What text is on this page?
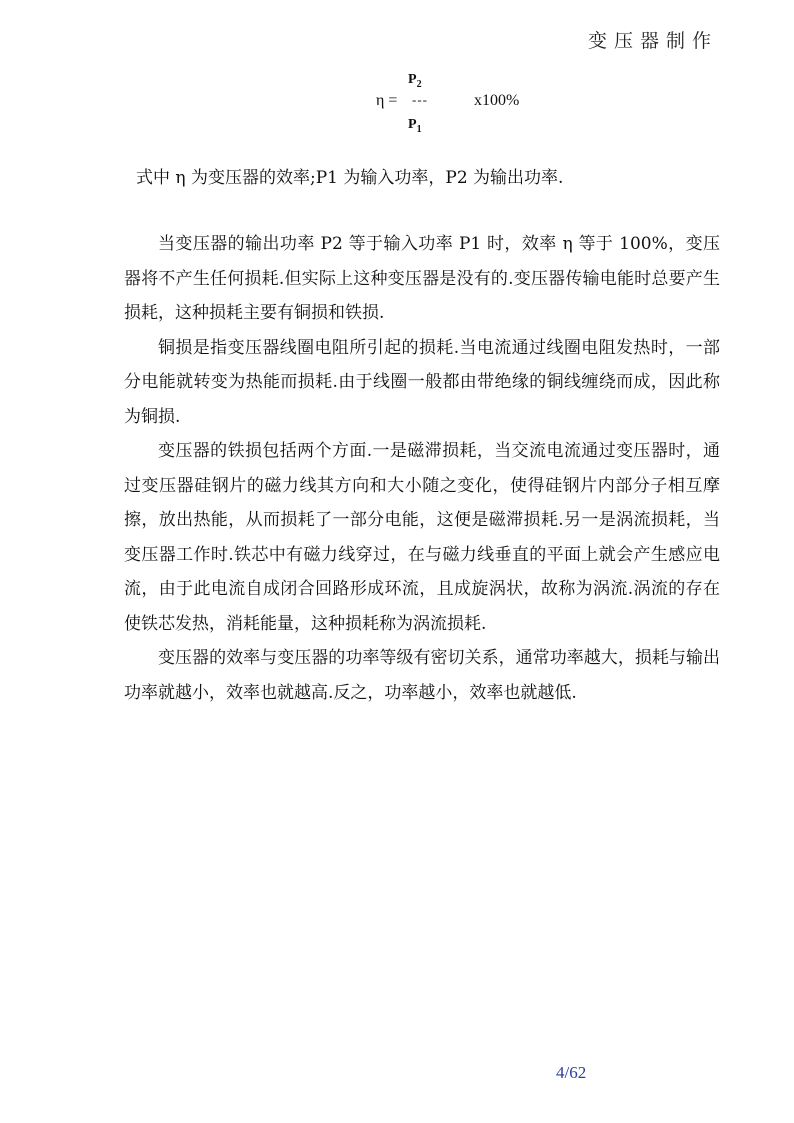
变压器制作
η =
$P_2$
---
$P_1$
x100%
式中 η 为变压器的效率;P1 为输入功率，P2 为输出功率.

当变压器的输出功率 P2 等于输入功率 P1 时，效率 η 等于 100%，变压器将不产生任何损耗.但实际上这种变压器是没有的.变压器传输电能时总要产生损耗，这种损耗主要有铜损和铁损.

铜损是指变压器线圈电阻所引起的损耗.当电流通过线圈电阻发热时，一部分电能就转变为热能而损耗.由于线圈一般都由带绝缘的铜线缠绕而成，因此称为铜损.

变压器的铁损包括两个方面.一是磁滞损耗，当交流电流通过变压器时，通过变压器硅钢片的磁力线其方向和大小随之变化，使得硅钢片内部分子相互摩擦，放出热能，从而损耗了一部分电能，这便是磁滞损耗.另一是涡流损耗，当变压器工作时.铁芯中有磁力线穿过，在与磁力线垂直的平面上就会产生感应电流，由于此电流自成闭合回路形成环流，且成旋涡状，故称为涡流.涡流的存在使铁芯发热，消耗能量，这种损耗称为涡流损耗.

变压器的效率与变压器的功率等级有密切关系，通常功率越大，损耗与输出功率就越小，效率也就越高.反之，功率越小，效率也就越低.

4/62
